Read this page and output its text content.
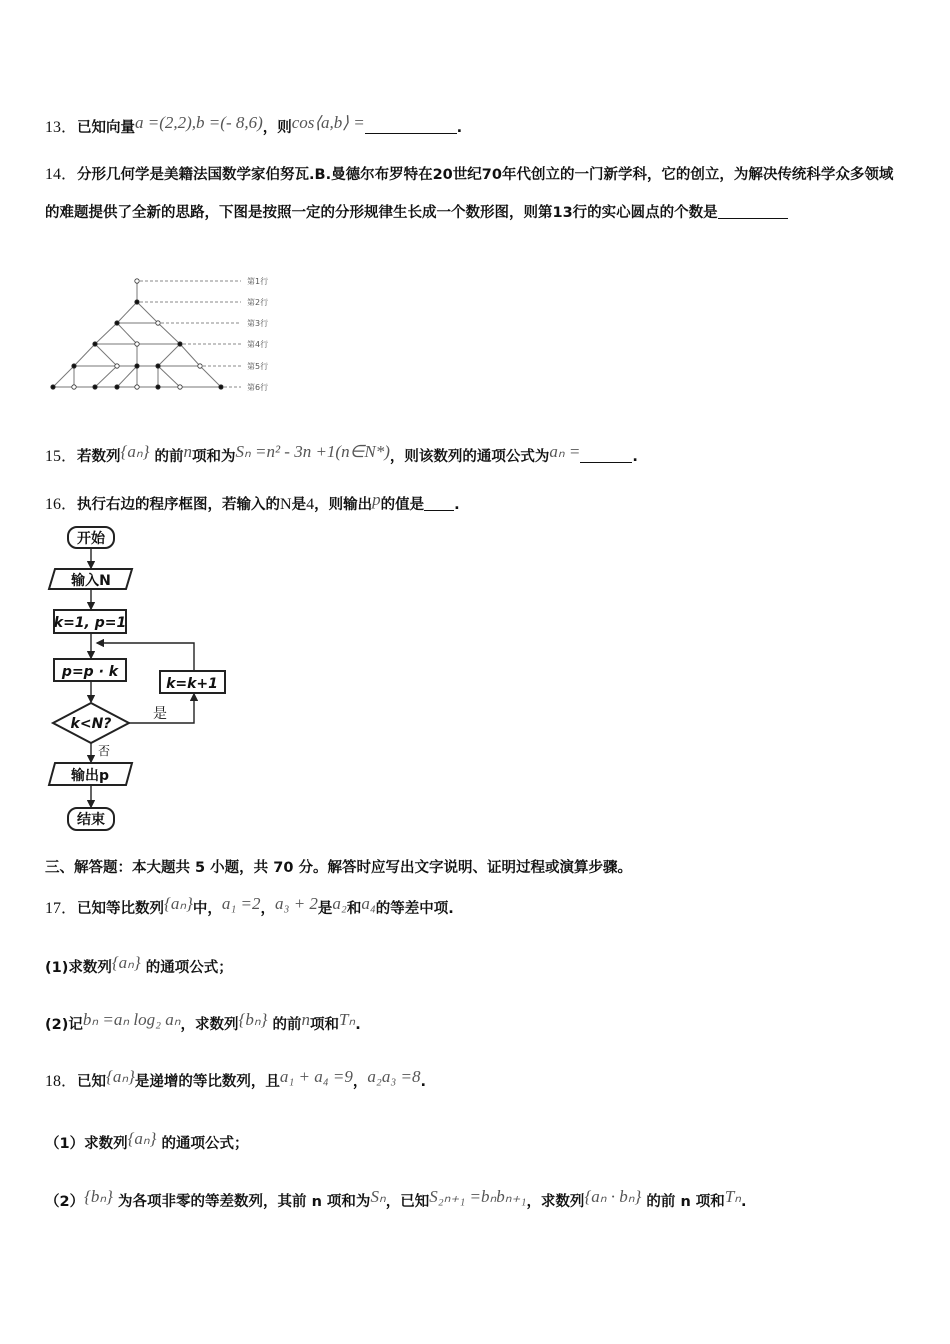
13．已知向量a =(2,2),b =(- 8,6)，则cos⟨a,b⟩ =	.
14．分形几何学是美籍法国数学家伯努瓦.B.曼德尔布罗特在20世纪70年代创立的一门新学科，它的创立，为解决传统科学众多领域的难题提供了全新的思路，下图是按照一定的分形规律生长成一个数形图，则第13行的实心圆点的个数是
第1行
第2行
第3行
第4行
第5行
第6行
15．若数列{aₙ} 的前n项和为Sₙ =n² - 3n +1(n∈N*)，则该数列的通项公式为aₙ =	.
16．执行右边的程序框图，若输入的N是4，则输出p的值是 .
开始
输入N
k=1, p=1
p=p · k
k=k+1
k<N?
是
否
输出p
结束
三、解答题：本大题共 5 小题，共 70 分。解答时应写出文字说明、证明过程或演算步骤。
17．已知等比数列{aₙ}中，a₁ =2，a₃ + 2是a₂和a₄的等差中项.
(1)求数列{aₙ} 的通项公式；
(2)记bₙ =aₙ log₂ aₙ，求数列{bₙ} 的前n项和Tₙ.
18．已知{aₙ}是递增的等比数列，且a₁ + a₄ =9，a₂a₃ =8.
（1）求数列{aₙ} 的通项公式；
（2）{bₙ} 为各项非零的等差数列，其前 n 项和为Sₙ，已知S₂ₙ₊₁ =bₙbₙ₊₁，求数列{aₙ · bₙ} 的前 n 项和Tₙ.
